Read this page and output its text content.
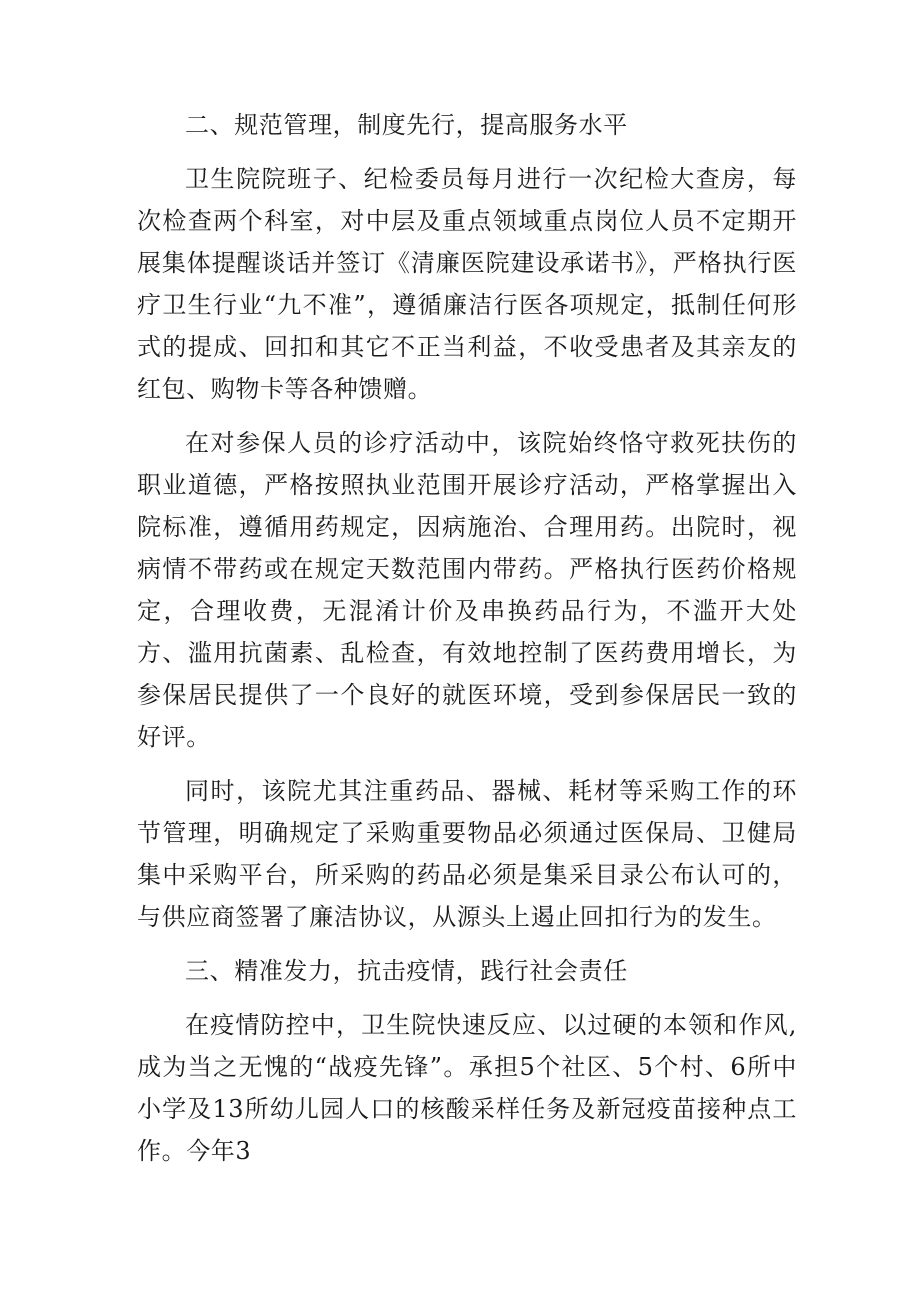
二、规范管理，制度先行，提高服务水平

卫生院院班子、纪检委员每月进行一次纪检大查房，每次检查两个科室，对中层及重点领域重点岗位人员不定期开展集体提醒谈话并签订《清廉医院建设承诺书》，严格执行医疗卫生行业“九不准”，遵循廉洁行医各项规定，抵制任何形式的提成、回扣和其它不正当利益，不收受患者及其亲友的红包、购物卡等各种馈赠。

在对参保人员的诊疗活动中，该院始终恪守救死扶伤的职业道德，严格按照执业范围开展诊疗活动，严格掌握出入院标准，遵循用药规定，因病施治、合理用药。出院时，视病情不带药或在规定天数范围内带药。严格执行医药价格规定，合理收费，无混淆计价及串换药品行为，不滥开大处方、滥用抗菌素、乱检查，有效地控制了医药费用增长，为参保居民提供了一个良好的就医环境，受到参保居民一致的好评。

同时，该院尤其注重药品、器械、耗材等采购工作的环节管理，明确规定了采购重要物品必须通过医保局、卫健局集中采购平台，所采购的药品必须是集采目录公布认可的，与供应商签署了廉洁协议，从源头上遏止回扣行为的发生。

三、精准发力，抗击疫情，践行社会责任

在疫情防控中，卫生院快速反应、以过硬的本领和作风,成为当之无愧的“战疫先锋”。承担5个社区、5个村、6所中小学及13所幼儿园人口的核酸采样任务及新冠疫苗接种点工作。今年3
